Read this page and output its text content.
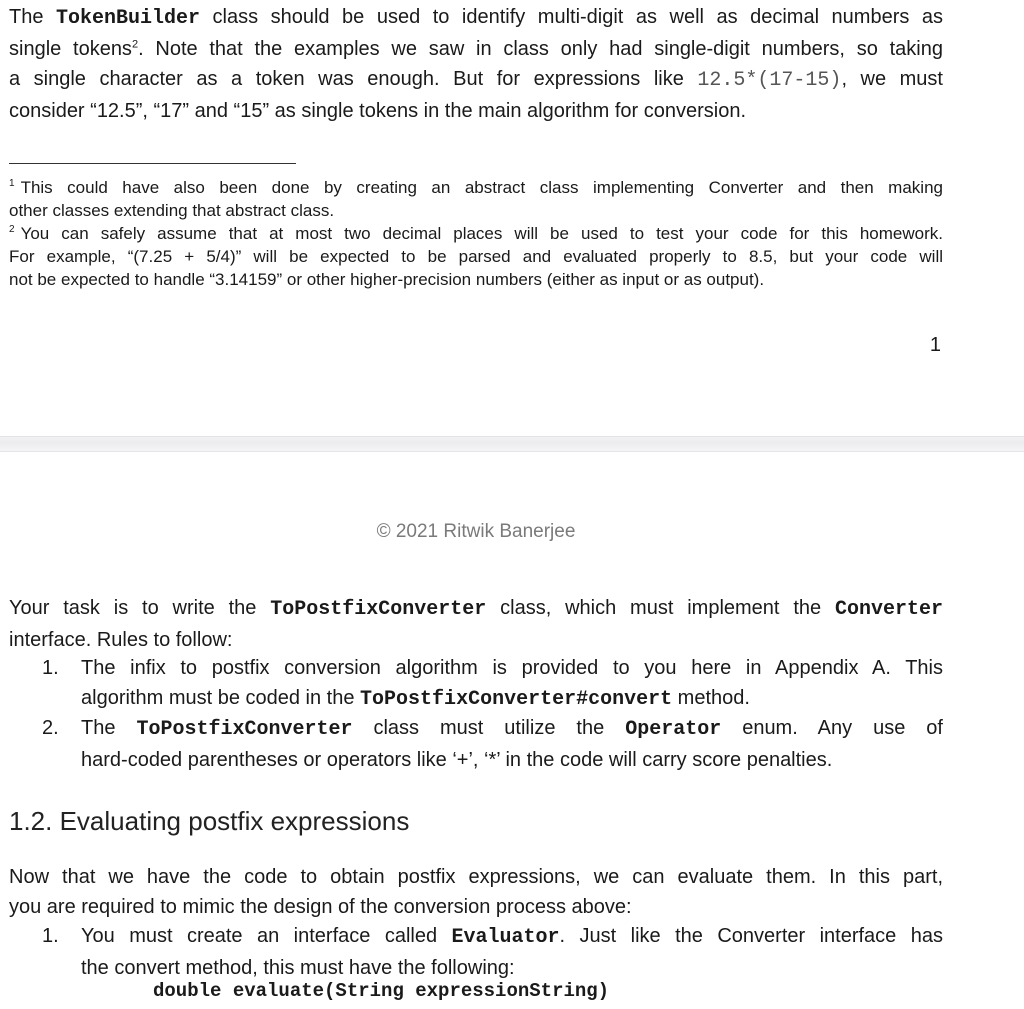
The TokenBuilder class should be used to identify multi-digit as well as decimal numbers as
single tokens$^2$. Note that the examples we saw in class only had single-digit numbers, so taking
a single character as a token was enough. But for expressions like 12.5*(17-15), we must
consider “12.5”, “17” and “15” as single tokens in the main algorithm for conversion.
$^1$ This could have also been done by creating an abstract class implementing Converter and then making
other classes extending that abstract class.
$^2$ You can safely assume that at most two decimal places will be used to test your code for this homework.
For example, “(7.25 + 5/4)” will be expected to be parsed and evaluated properly to 8.5, but your code will
not be expected to handle “3.14159” or other higher-precision numbers (either as input or as output).
1
© 2021 Ritwik Banerjee
Your task is to write the ToPostfixConverter class, which must implement the Converter
interface. Rules to follow:
1. The infix to postfix conversion algorithm is provided to you here in Appendix A. This
algorithm must be coded in the ToPostfixConverter#convert method.
2. The ToPostfixConverter class must utilize the Operator enum. Any use of
hard-coded parentheses or operators like ‘+’, ‘*’ in the code will carry score penalties.
1.2. Evaluating postfix expressions
Now that we have the code to obtain postfix expressions, we can evaluate them. In this part,
you are required to mimic the design of the conversion process above:
1. You must create an interface called Evaluator. Just like the Converter interface has
the convert method, this must have the following:
double evaluate(String expressionString)
